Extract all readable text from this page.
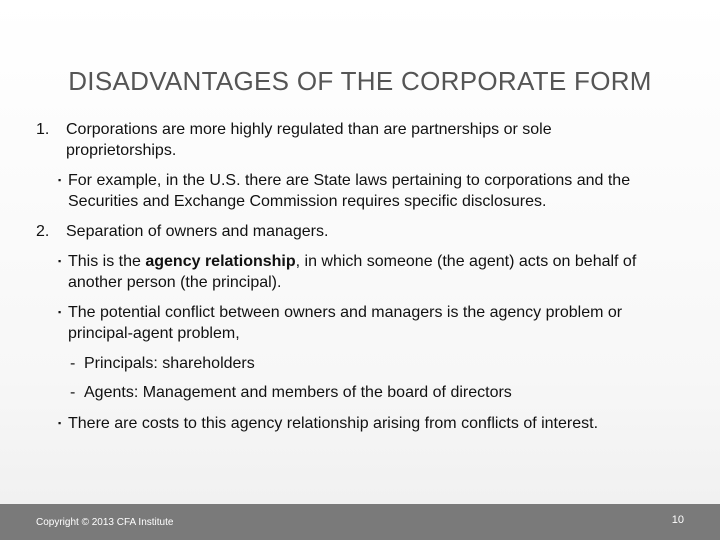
DISADVANTAGES OF THE CORPORATE FORM
1. Corporations are more highly regulated than are partnerships or sole proprietorships.
▪ For example, in the U.S. there are State laws pertaining to corporations and the Securities and Exchange Commission requires specific disclosures.
2. Separation of owners and managers.
▪ This is the agency relationship, in which someone (the agent) acts on behalf of another person (the principal).
▪ The potential conflict between owners and managers is the agency problem or principal-agent problem,
- Principals: shareholders
- Agents: Management and members of the board of directors
▪ There are costs to this agency relationship arising from conflicts of interest.
Copyright © 2013 CFA Institute	10
